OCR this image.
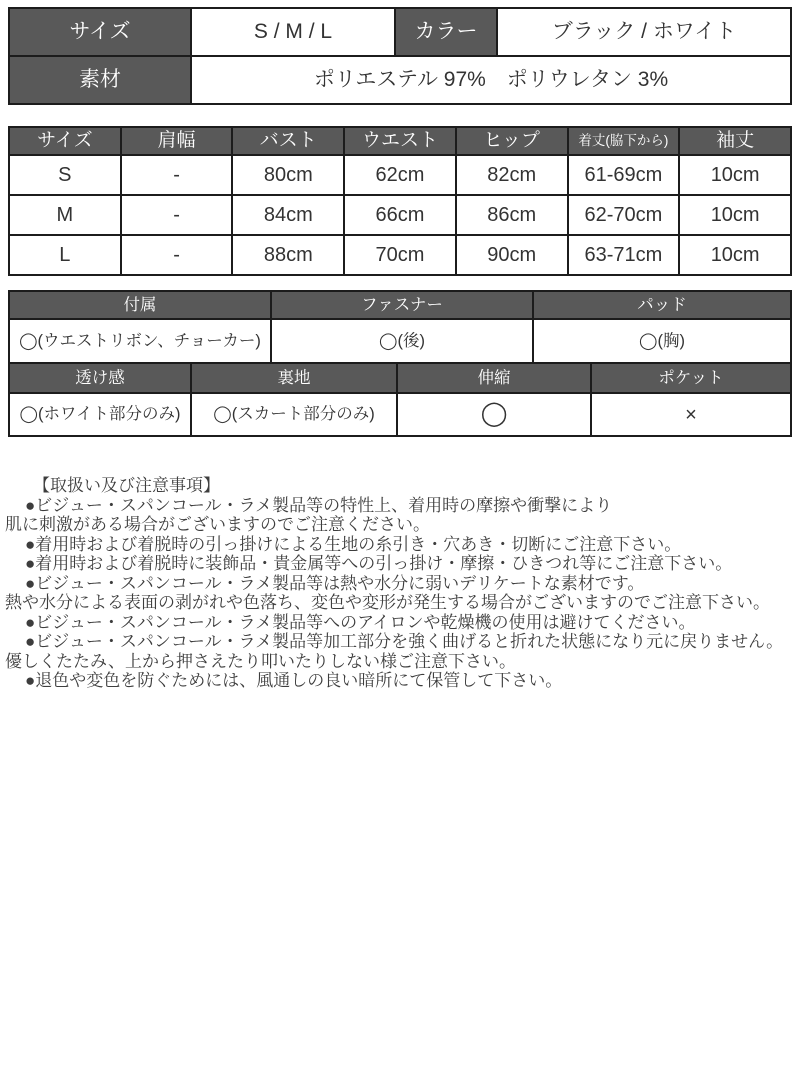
サイズ	S / M / L	カラー	ブラック / ホワイト
素材	ポリエステル 97%　ポリウレタン 3%
サイズ	肩幅	バスト	ウエスト	ヒップ	着丈(脇下から)	袖丈
S	-	80cm	62cm	82cm	61-69cm	10cm
M	-	84cm	66cm	86cm	62-70cm	10cm
L	-	88cm	70cm	90cm	63-71cm	10cm
付属	ファスナー	パッド
◯(ウエストリボン、チョーカー)	◯(後)	◯(胸)
透け感	裏地	伸縮	ポケット
◯(ホワイト部分のみ)	◯(スカート部分のみ)	◯	×
【取扱い及び注意事項】
●ビジュー・スパンコール・ラメ製品等の特性上、着用時の摩擦や衝撃により
肌に刺激がある場合がございますのでご注意ください。
●着用時および着脱時の引っ掛けによる生地の糸引き・穴あき・切断にご注意下さい。
●着用時および着脱時に装飾品・貴金属等への引っ掛け・摩擦・ひきつれ等にご注意下さい。
●ビジュー・スパンコール・ラメ製品等は熱や水分に弱いデリケートな素材です。
熱や水分による表面の剥がれや色落ち、変色や変形が発生する場合がございますのでご注意下さい。
●ビジュー・スパンコール・ラメ製品等へのアイロンや乾燥機の使用は避けてください。
●ビジュー・スパンコール・ラメ製品等加工部分を強く曲げると折れた状態になり元に戻りません。
優しくたたみ、上から押さえたり叩いたりしない様ご注意下さい。
●退色や変色を防ぐためには、風通しの良い暗所にて保管して下さい。
